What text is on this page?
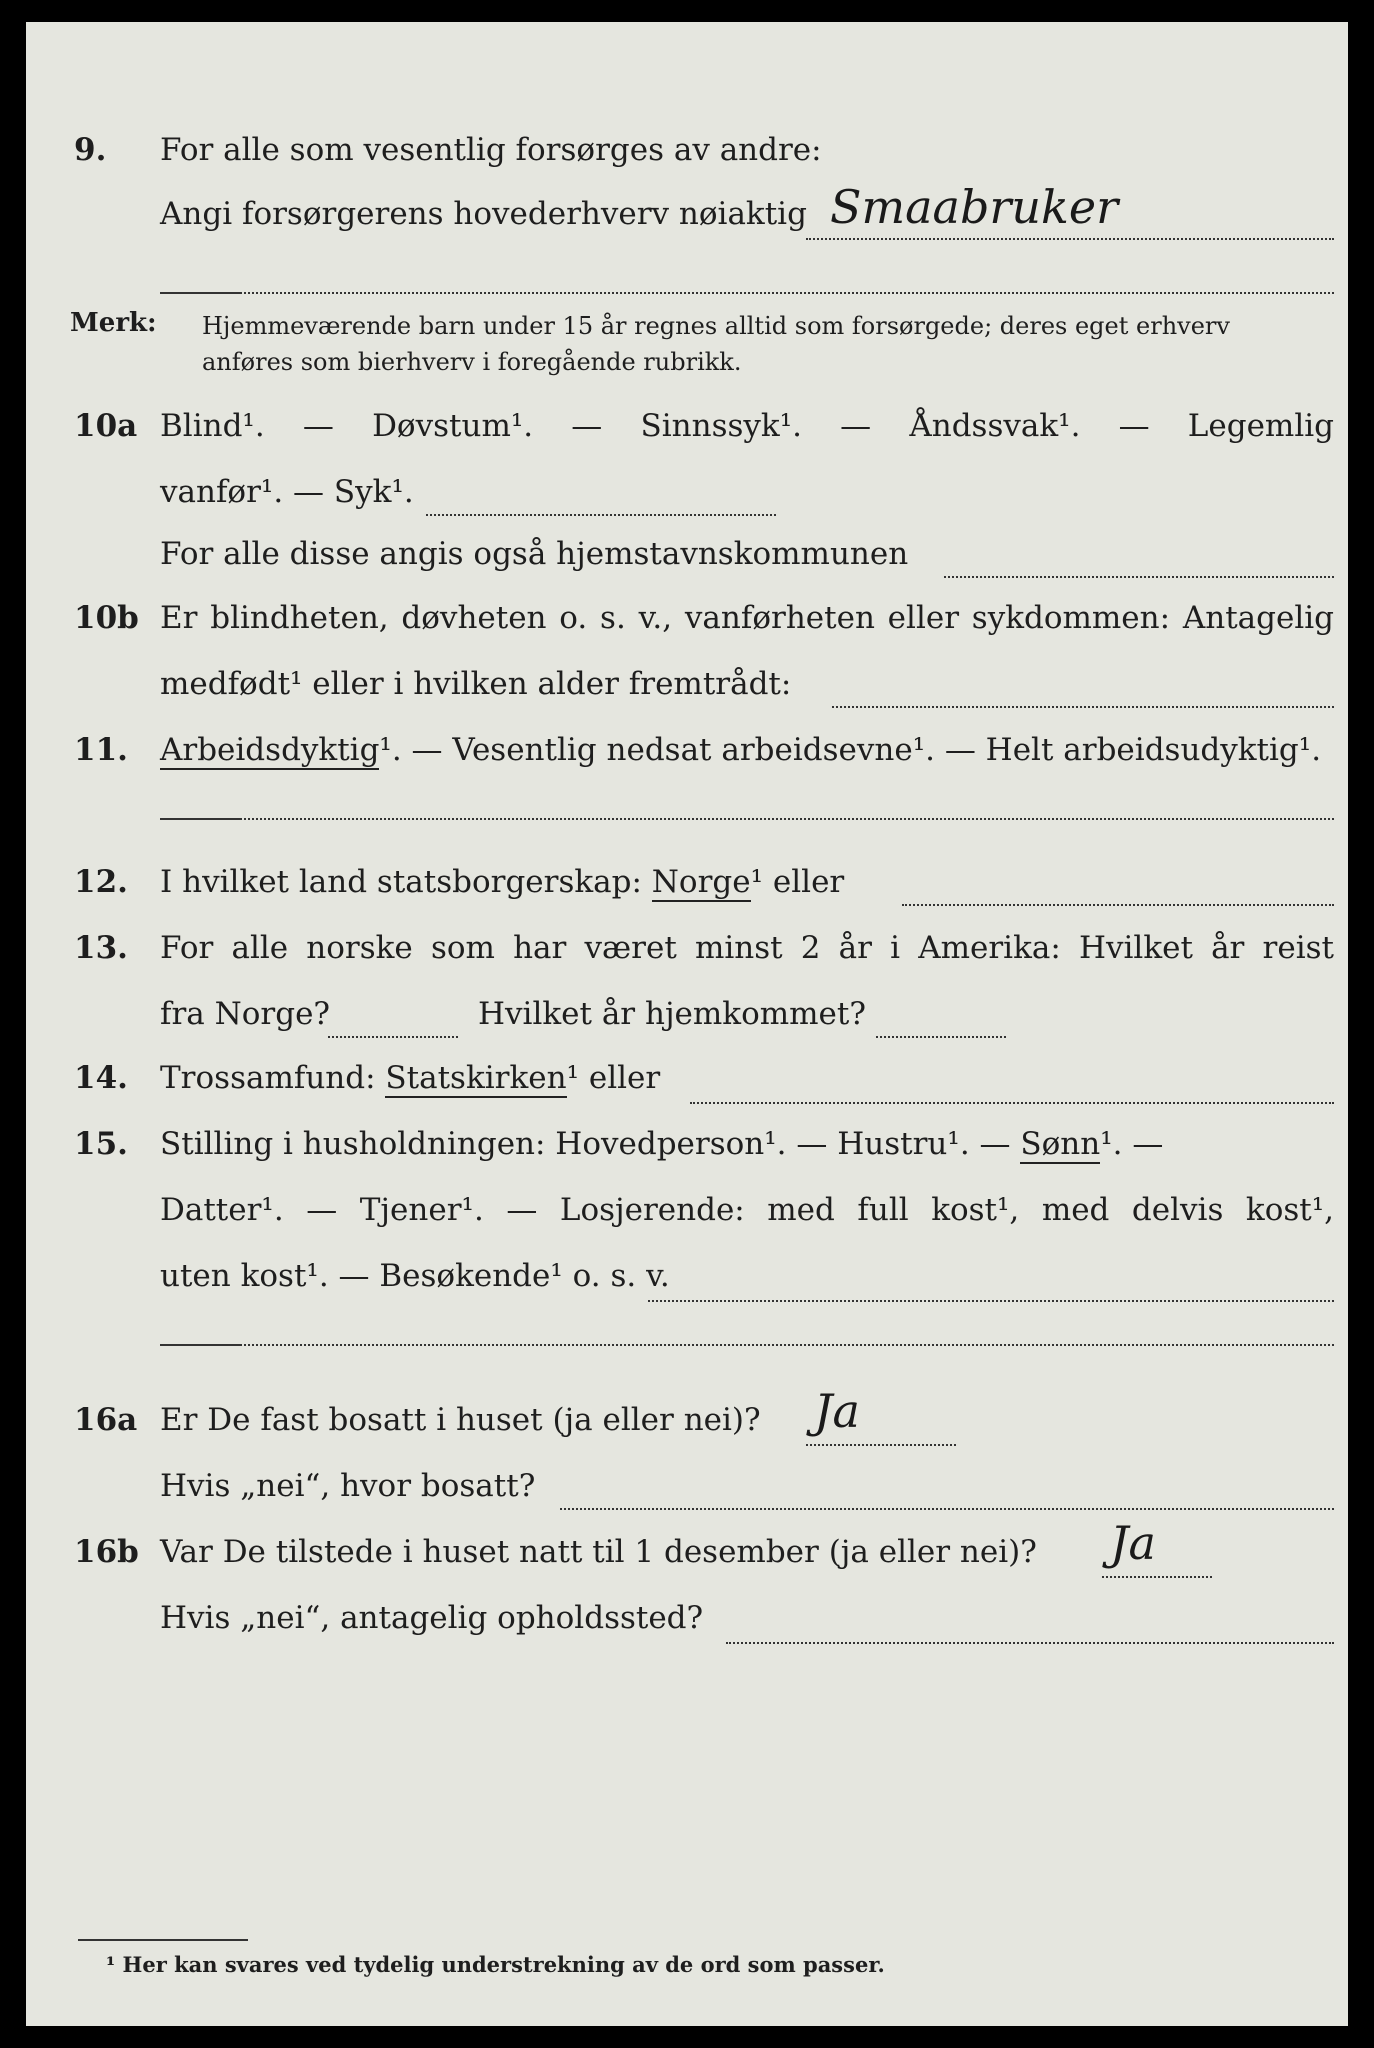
9. For alle som vesentlig forsørges av andre:
Angi forsørgerens hovederhverv nøiaktig Smaabruker
Merk: Hjemmeværende barn under 15 år regnes alltid som forsørgede; deres eget erhverv
anføres som bierhverv i foregående rubrikk.
10a Blind¹. — Døvstum¹. — Sinnssyk¹. — Åndssvak¹. — Legemlig
vanfør¹. — Syk¹.
For alle disse angis også hjemstavnskommunen
10b Er blindheten, døvheten o. s. v., vanførheten eller sykdommen: Antagelig
medfødt¹ eller i hvilken alder fremtrådt:
11. Arbeidsdyktig¹. — Vesentlig nedsat arbeidsevne¹. — Helt arbeidsudyktig¹.
12. I hvilket land statsborgerskap: Norge¹ eller
13. For alle norske som har været minst 2 år i Amerika: Hvilket år reist
fra Norge?	Hvilket år hjemkommet?
14. Trossamfund: Statskirken¹ eller
15. Stilling i husholdningen: Hovedperson¹. — Hustru¹. — Sønn¹. —
Datter¹. — Tjener¹. — Losjerende: med full kost¹, med delvis kost¹,
uten kost¹. — Besøkende¹ o. s. v.
16a Er De fast bosatt i huset (ja eller nei)? Ja
Hvis „nei“, hvor bosatt?
16b Var De tilstede i huset natt til 1 desember (ja eller nei)? Ja
Hvis „nei“, antagelig opholdssted?
¹ Her kan svares ved tydelig understrekning av de ord som passer.
